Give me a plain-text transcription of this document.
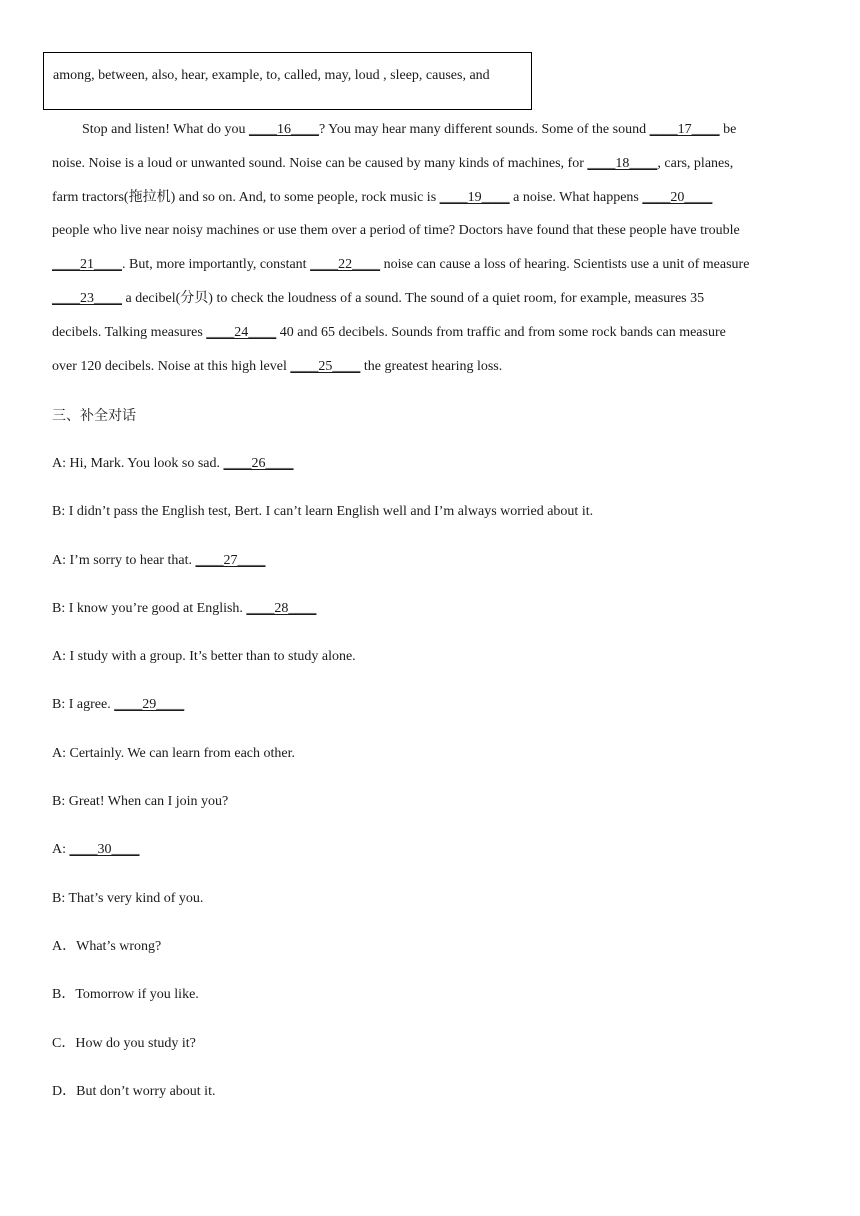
among, between, also, hear, example, to, called, may, loud , sleep, causes, and
Stop and listen! What do you ____16____? You may hear many different sounds. Some of the sound ____17____ be
noise. Noise is a loud or unwanted sound. Noise can be caused by many kinds of machines, for ____18____, cars, planes,
farm tractors(拖拉机) and so on. And, to some people, rock music is ____19____ a noise. What happens ____20____
people who live near noisy machines or use them over a period of time? Doctors have found that these people have trouble
____21____. But, more importantly, constant ____22____ noise can cause a loss of hearing. Scientists use a unit of measure
____23____ a decibel(分贝) to check the loudness of a sound. The sound of a quiet room, for example, measures 35
decibels. Talking measures ____24____ 40 and 65 decibels. Sounds from traffic and from some rock bands can measure
over 120 decibels. Noise at this high level ____25____ the greatest hearing loss.
三、补全对话
A: Hi, Mark. You look so sad. ____26____
B: I didn’t pass the English test, Bert. I can’t learn English well and I’m always worried about it.
A: I’m sorry to hear that. ____27____
B: I know you’re good at English. ____28____
A: I study with a group. It’s better than to study alone.
B: I agree. ____29____
A: Certainly. We can learn from each other.
B: Great! When can I join you?
A: ____30____
B: That’s very kind of you.
A．What’s wrong?
B．Tomorrow if you like.
C．How do you study it?
D．But don’t worry about it.
